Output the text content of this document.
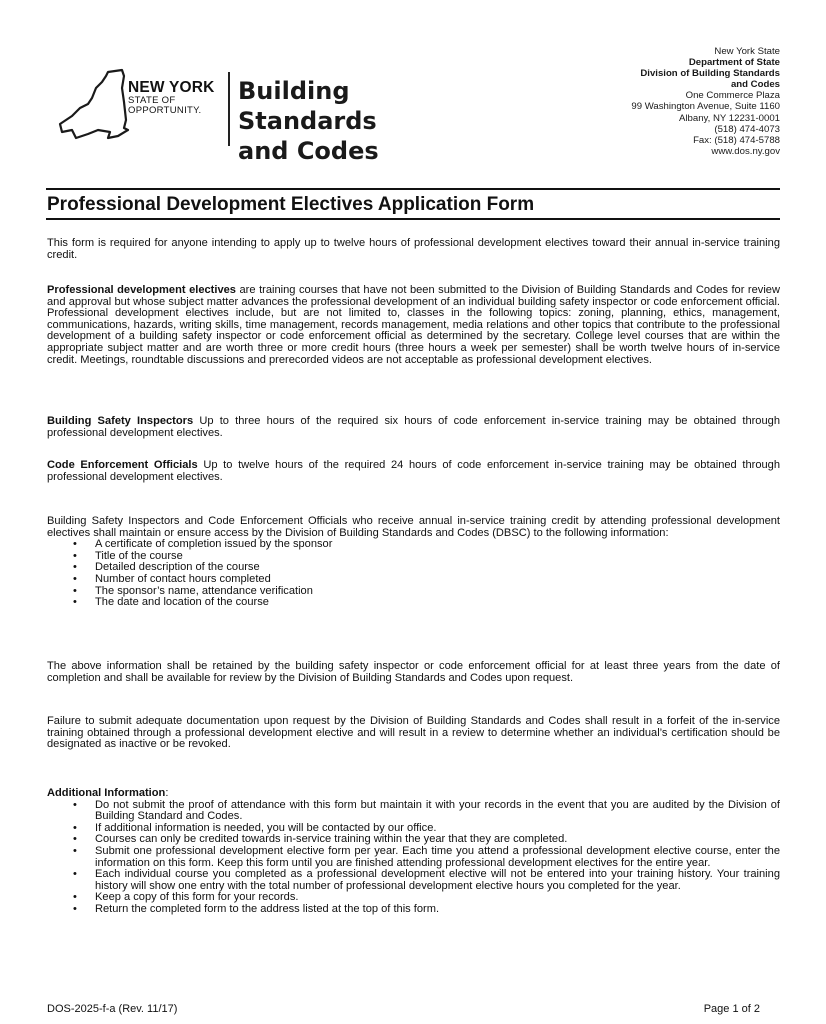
NEW YORK
STATE OF
OPPORTUNITY.
Building Standards
and Codes
New York State
Department of State
Division of Building Standards
and Codes
One Commerce Plaza
99 Washington Avenue, Suite 1160
Albany, NY 12231-0001
(518) 474-4073
Fax: (518) 474-5788
www.dos.ny.gov
Professional Development Electives Application Form

This form is required for anyone intending to apply up to twelve hours of professional development electives toward their annual in-service training credit.

Professional development electives are training courses that have not been submitted to the Division of Building Standards and Codes for review and approval but whose subject matter advances the professional development of an individual building safety inspector or code enforcement official. Professional development electives include, but are not limited to, classes in the following topics: zoning, planning, ethics, management, communications, hazards, writing skills, time management, records management, media relations and other topics that contribute to the professional development of a building safety inspector or code enforcement official as determined by the secretary. College level courses that are within the appropriate subject matter and are worth three or more credit hours (three hours a week per semester) shall be worth twelve hours of in-service credit. Meetings, roundtable discussions and prerecorded videos are not acceptable as professional development electives.

Building Safety Inspectors Up to three hours of the required six hours of code enforcement in-service training may be obtained through professional development electives.

Code Enforcement Officials Up to twelve hours of the required 24 hours of code enforcement in-service training may be obtained through professional development electives.

Building Safety Inspectors and Code Enforcement Officials who receive annual in-service training credit by attending professional development electives shall maintain or ensure access by the Division of Building Standards and Codes (DBSC) to the following information:

• A certificate of completion issued by the sponsor
• Title of the course
• Detailed description of the course
• Number of contact hours completed
• The sponsor’s name, attendance verification
• The date and location of the course

The above information shall be retained by the building safety inspector or code enforcement official for at least three years from the date of completion and shall be available for review by the Division of Building Standards and Codes upon request.

Failure to submit adequate documentation upon request by the Division of Building Standards and Codes shall result in a forfeit of the in-service training obtained through a professional development elective and will result in a review to determine whether an individual’s certification should be designated as inactive or be revoked.

Additional Information:

• Do not submit the proof of attendance with this form but maintain it with your records in the event that you are audited by the Division of Building Standard and Codes.
• If additional information is needed, you will be contacted by our office.
• Courses can only be credited towards in-service training within the year that they are completed.
• Submit one professional development elective form per year. Each time you attend a professional development elective course, enter the information on this form. Keep this form until you are finished attending professional development electives for the entire year.
• Each individual course you completed as a professional development elective will not be entered into your training history. Your training history will show one entry with the total number of professional development elective hours you completed for the year.
• Keep a copy of this form for your records.
• Return the completed form to the address listed at the top of this form.
DOS-2025-f-a (Rev. 11/17)	Page 1 of 2
